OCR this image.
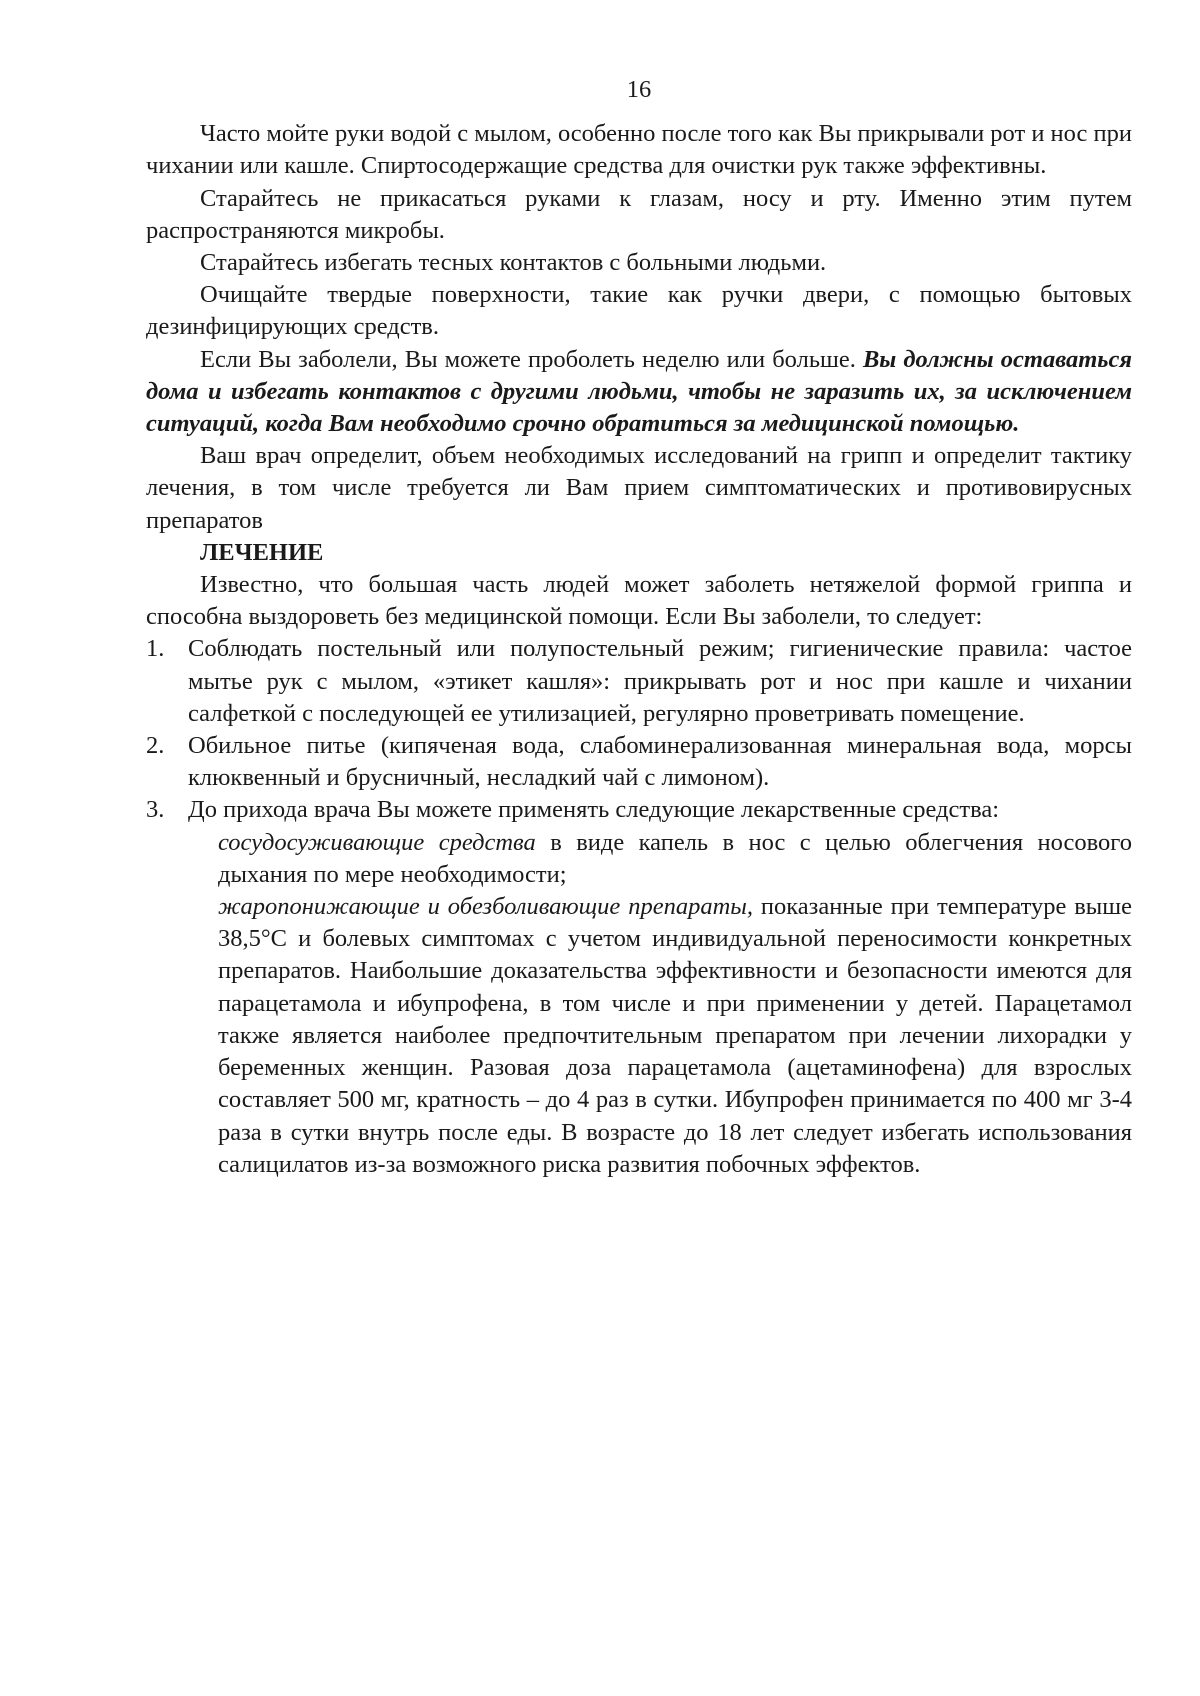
16

Часто мойте руки водой с мылом, особенно после того как Вы прикрывали рот и нос при чихании или кашле. Спиртосодержащие средства для очистки рук также эффективны.

Старайтесь не прикасаться руками к глазам, носу и рту. Именно этим путем распространяются микробы.

Старайтесь избегать тесных контактов с больными людьми.

Очищайте твердые поверхности, такие как ручки двери, с помощью бытовых дезинфицирующих средств.

Если Вы заболели, Вы можете проболеть неделю или больше. Вы должны оставаться дома и избегать контактов с другими людьми, чтобы не заразить их, за исключением ситуаций, когда Вам необходимо срочно обратиться за медицинской помощью.

Ваш врач определит, объем необходимых исследований на грипп и определит тактику лечения, в том числе требуется ли Вам прием симптоматических и противовирусных препаратов

ЛЕЧЕНИЕ

Известно, что большая часть людей может заболеть нетяжелой формой гриппа и способна выздороветь без медицинской помощи. Если Вы заболели, то следует:

1. Соблюдать постельный или полупостельный режим; гигиенические правила: частое мытье рук с мылом, «этикет кашля»: прикрывать рот и нос при кашле и чихании салфеткой с последующей ее утилизацией, регулярно проветривать помещение.
2. Обильное питье (кипяченая вода, слабоминерализованная минеральная вода, морсы клюквенный и брусничный, несладкий чай с лимоном).
3. До прихода врача Вы можете применять следующие лекарственные средства:
сосудосуживающие средства в виде капель в нос с целью облегчения носового дыхания по мере необходимости;
жаропонижающие и обезболивающие препараты, показанные при температуре выше 38,5°С и болевых симптомах с учетом индивидуальной переносимости конкретных препаратов. Наибольшие доказательства эффективности и безопасности имеются для парацетамола и ибупрофена, в том числе и при применении у детей. Парацетамол также является наиболее предпочтительным препаратом при лечении лихорадки у беременных женщин. Разовая доза парацетамола (ацетаминофена) для взрослых составляет 500 мг, кратность – до 4 раз в сутки. Ибупрофен принимается по 400 мг 3-4 раза в сутки внутрь после еды. В возрасте до 18 лет следует избегать использования салицилатов из-за возможного риска развития побочных эффектов.
